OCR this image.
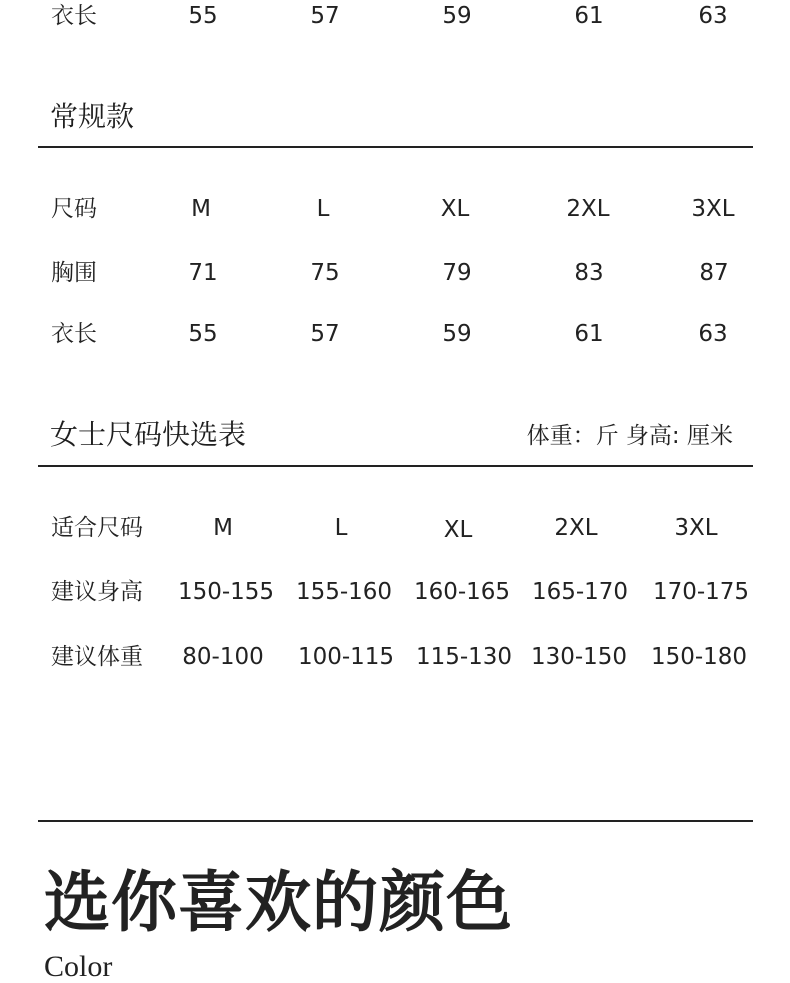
衣长	55	57	59	61	63
常规款
尺码	M	L	XL	2XL	3XL
胸围	71	75	79	83	87
衣长	55	57	59	61	63
女士尺码快选表	体重：斤 身高: 厘米
适合尺码	M	L	XL	2XL	3XL
建议身高 150-155 155-160 160-165 165-170 170-175
建议体重 80-100 100-115 115-130 130-150 150-180
选你喜欢的颜色
Color
